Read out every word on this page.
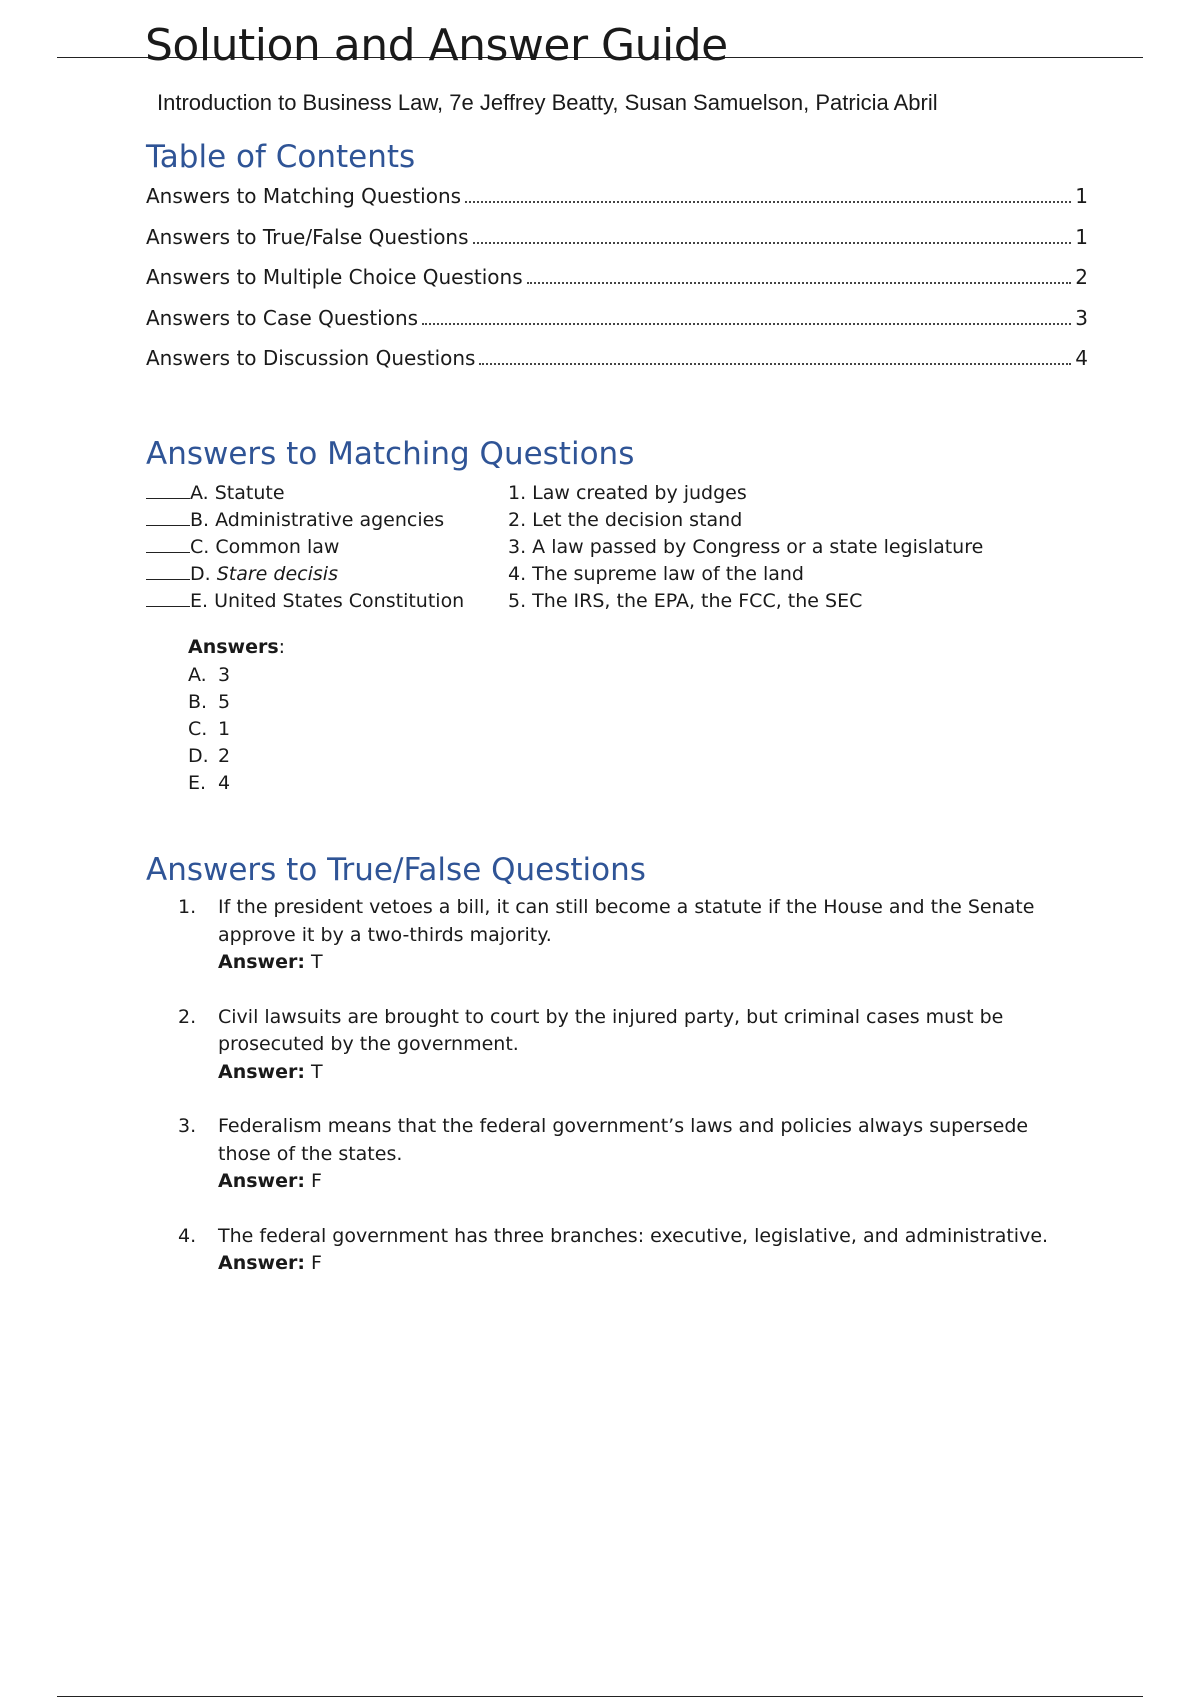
Solution and Answer Guide

Introduction to Business Law, 7e Jeffrey Beatty, Susan Samuelson, Patricia Abril

Table of Contents
Answers to Matching Questions	1
Answers to True/False Questions	1
Answers to Multiple Choice Questions	2
Answers to Case Questions	3
Answers to Discussion Questions	4
Answers to Matching Questions
A. Statute	1. Law created by judges
B. Administrative agencies	2. Let the decision stand
C. Common law	3. A law passed by Congress or a state legislature
D. Stare decisis	4. The supreme law of the land
E. United States Constitution	5. The IRS, the EPA, the FCC, the SEC
Answers:
A. 3
B. 5
C. 1
D. 2
E. 4
Answers to True/False Questions
1.	If the president vetoes a bill, it can still become a statute if the House and the Senate approve it by a two-thirds majority.
Answer: T
2.	Civil lawsuits are brought to court by the injured party, but criminal cases must be prosecuted by the government.
Answer: T
3.	Federalism means that the federal government’s laws and policies always supersede those of the states.
Answer: F
4.	The federal government has three branches: executive, legislative, and administrative.
Answer: F
